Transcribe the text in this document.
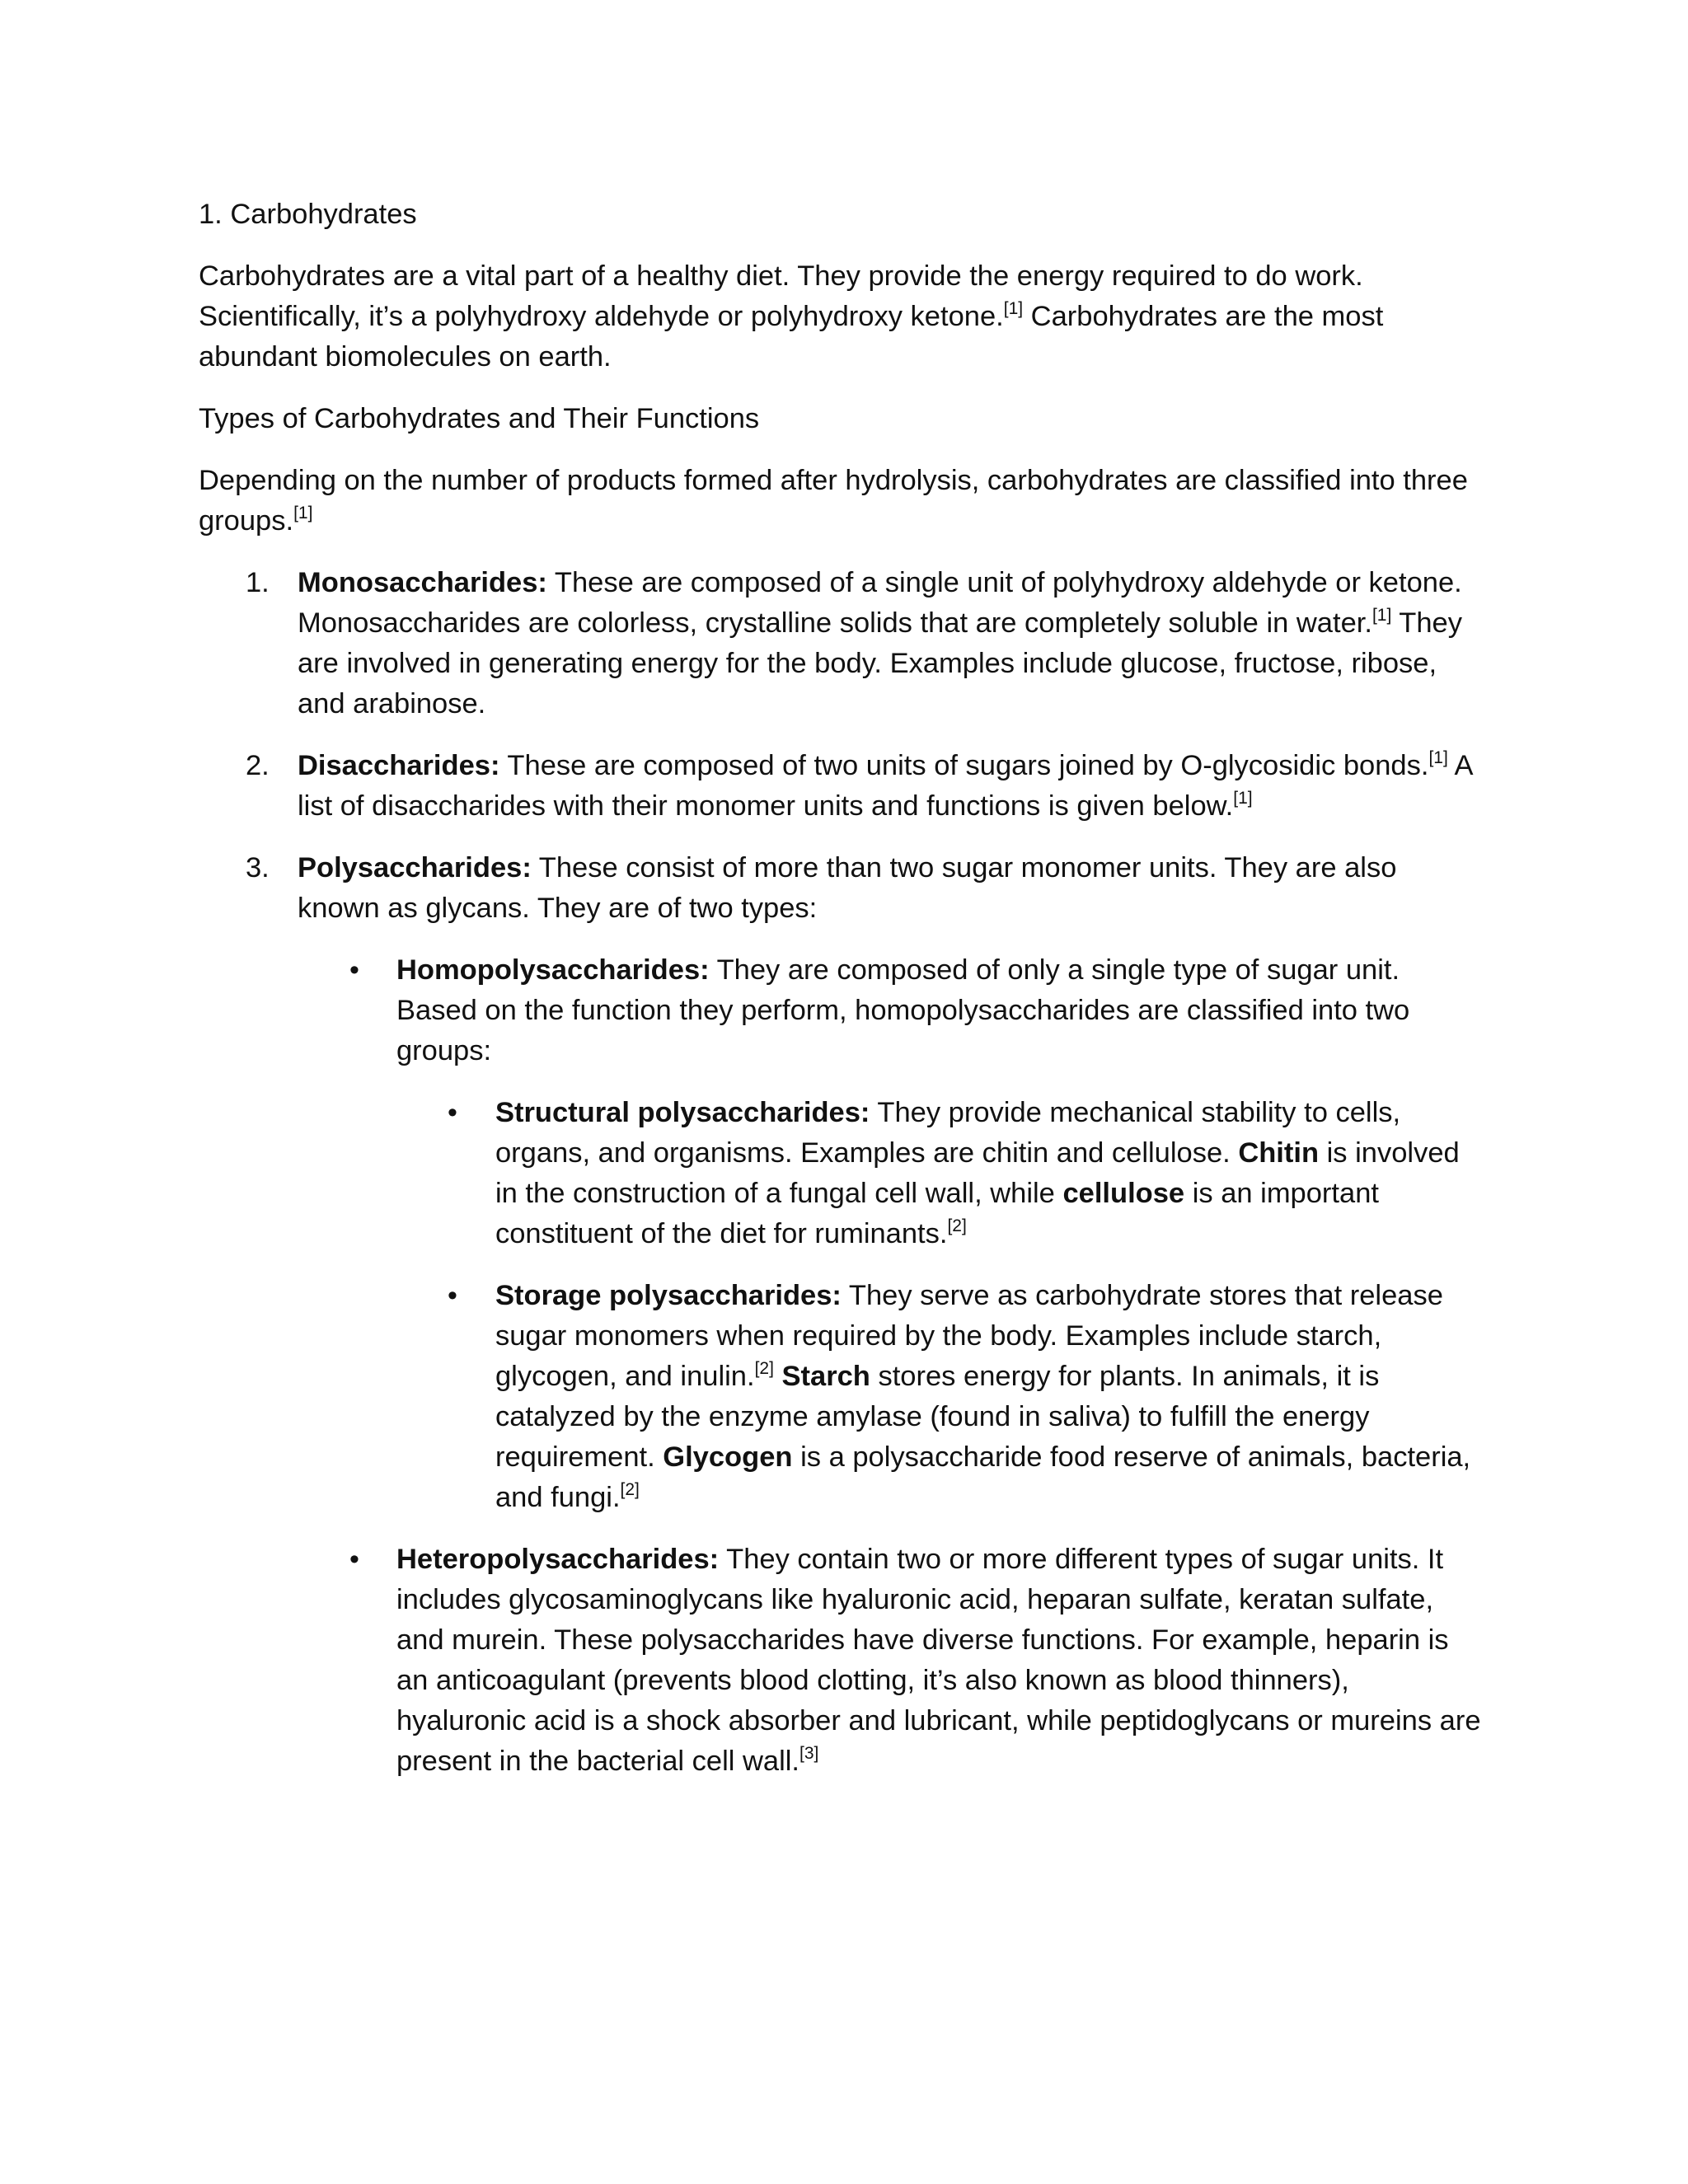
1. Carbohydrates

Carbohydrates are a vital part of a healthy diet. They provide the energy required to do work. Scientifically, it’s a polyhydroxy aldehyde or polyhydroxy ketone.[1] Carbohydrates are the most abundant biomolecules on earth.

Types of Carbohydrates and Their Functions

Depending on the number of products formed after hydrolysis, carbohydrates are classified into three groups.[1]

1. Monosaccharides: These are composed of a single unit of polyhydroxy aldehyde or ketone. Monosaccharides are colorless, crystalline solids that are completely soluble in water.[1] They are involved in generating energy for the body. Examples include glucose, fructose, ribose, and arabinose.
2. Disaccharides: These are composed of two units of sugars joined by O-glycosidic bonds.[1] A list of disaccharides with their monomer units and functions is given below.[1]
3. Polysaccharides: These consist of more than two sugar monomer units. They are also known as glycans. They are of two types:
• Homopolysaccharides: They are composed of only a single type of sugar unit. Based on the function they perform, homopolysaccharides are classified into two groups:
• Structural polysaccharides: They provide mechanical stability to cells, organs, and organisms. Examples are chitin and cellulose. Chitin is involved in the construction of a fungal cell wall, while cellulose is an important constituent of the diet for ruminants.[2]
• Storage polysaccharides: They serve as carbohydrate stores that release sugar monomers when required by the body. Examples include starch, glycogen, and inulin.[2] Starch stores energy for plants. In animals, it is catalyzed by the enzyme amylase (found in saliva) to fulfill the energy requirement. Glycogen is a polysaccharide food reserve of animals, bacteria, and fungi.[2]
• Heteropolysaccharides: They contain two or more different types of sugar units. It includes glycosaminoglycans like hyaluronic acid, heparan sulfate, keratan sulfate, and murein. These polysaccharides have diverse functions. For example, heparin is an anticoagulant (prevents blood clotting, it’s also known as blood thinners), hyaluronic acid is a shock absorber and lubricant, while peptidoglycans or mureins are present in the bacterial cell wall.[3]
